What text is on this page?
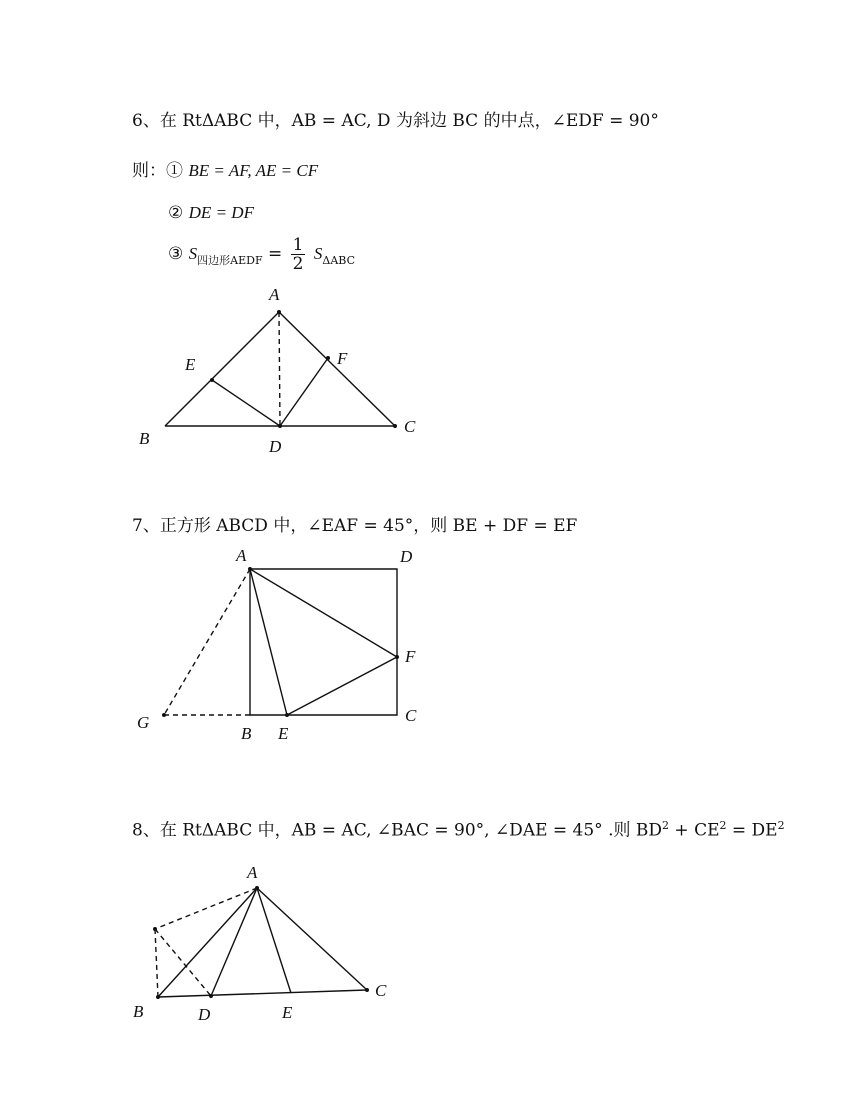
6、在 RtΔABC 中，AB = AC, D 为斜边 BC 的中点，∠EDF = 90°
则：① BE = AF, AE = CF
② DE = DF
③ $S_{四边形AEDF} = \frac{1}{2} S_{\Delta ABC}$
A
E	F
B	D
C
7、正方形 ABCD 中，∠EAF = 45°，则 BE + DF = EF
A	D
F
G
B E
C
8、在 RtΔABC 中，AB = AC, ∠BAC = 90°, ∠DAE = 45° .则 $BD^2 + CE^2 = DE^2$
A
B	D	E
C
